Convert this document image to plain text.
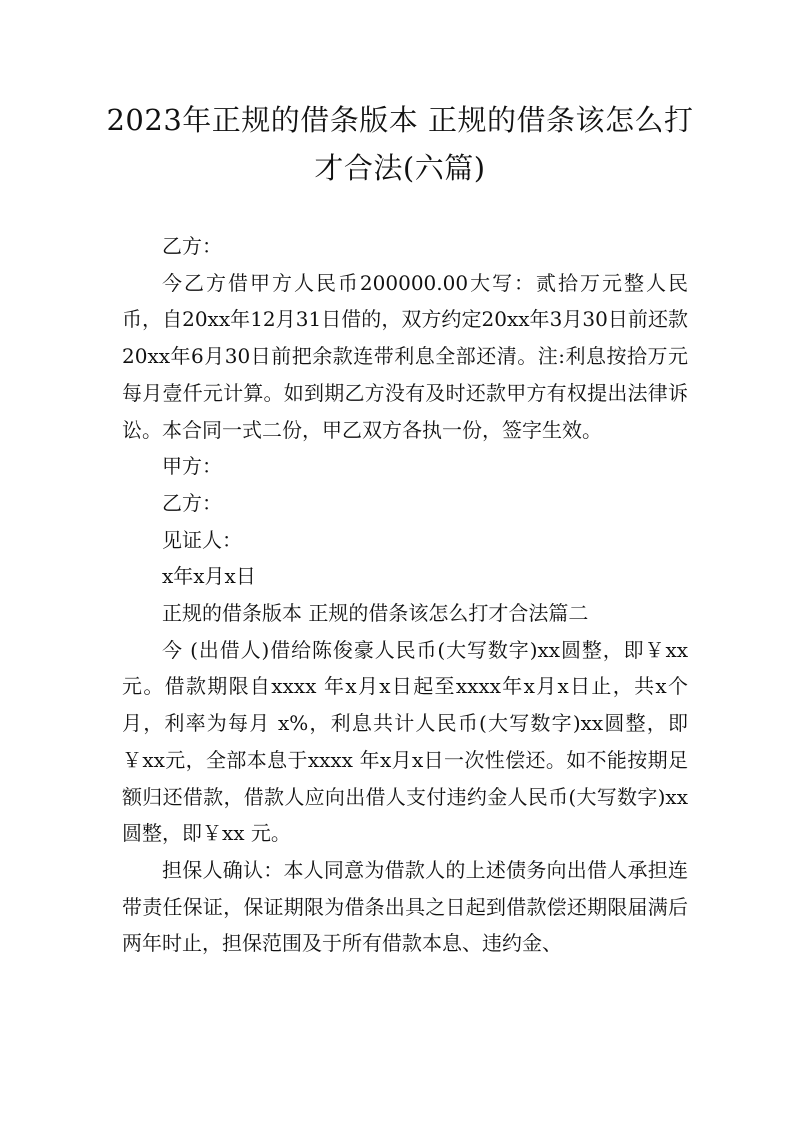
2023年正规的借条版本 正规的借条该怎么打才合法(六篇)

乙方：

今乙方借甲方人民币200000.00大写：贰拾万元整人民币，自20xx年12月31日借的，双方约定20xx年3月30日前还款20xx年6月30日前把余款连带利息全部还清。注:利息按拾万元每月壹仟元计算。如到期乙方没有及时还款甲方有权提出法律诉讼。本合同一式二份，甲乙双方各执一份，签字生效。

甲方：

乙方：

见证人：

x年x月x日

正规的借条版本 正规的借条该怎么打才合法篇二

今 (出借人)借给陈俊豪人民币(大写数字)xx圆整，即￥xx元。借款期限自xxxx 年x月x日起至xxxx年x月x日止，共x个月，利率为每月 x%，利息共计人民币(大写数字)xx圆整，即￥xx元，全部本息于xxxx 年x月x日一次性偿还。如不能按期足额归还借款，借款人应向出借人支付违约金人民币(大写数字)xx 圆整，即￥xx 元。

担保人确认：本人同意为借款人的上述债务向出借人承担连带责任保证，保证期限为借条出具之日起到借款偿还期限届满后两年时止，担保范围及于所有借款本息、违约金、
